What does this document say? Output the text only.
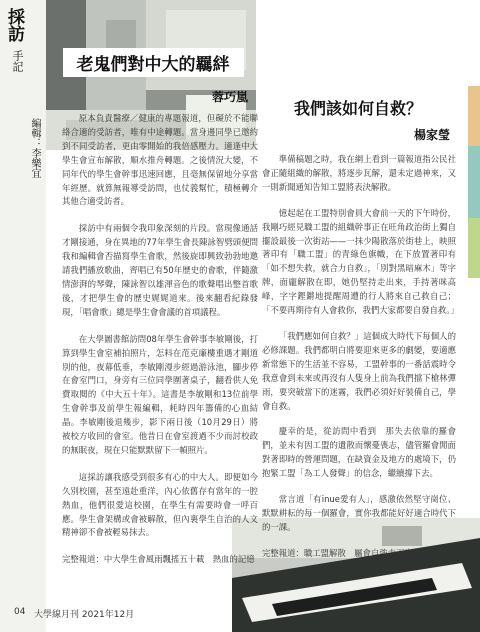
採訪
手記
編輯：李樂宜
老鬼們對中大的羈絆
蓉巧嵐

原本負責醫療／健康的專題報道，但礙於不能聯絡合適的受訪者，唯有中途轉題。當身邊同學已邀約到不同受訪者，更由零開始的我倍感壓力。適逢中大學生會宣布解散，順水推舟轉題。之後情況大變，不同年代的學生會幹事迅速回應，且毫無保留地分享當年經歷。就算無報導受訪問，也仗義幫忙，積極轉介其他合適受訪者。

採訪中有兩個令我印象深刻的片段。當現像通話才剛接通，身在異地的77年學生會長陳詠智劈頭便問我和編輯會否描寫學生會歌，然後旋即興致勃勃地邀請我們播放歌曲，齊唱已有50年歷史的會歌，伴隨激情澎湃的琴聲，陳詠智以雄渾音色的歌聲唱出整首歌後，才把學生會的歷史娓娓道來。後來翻看紀錄發現，「唱會歌」總是學生會會議的首項議程。

在大學圖書館訪問08年學生會幹事李敏剛後，打算到學生會室補拍照片，怎料在范克廉樓重遇才剛道別的他，夜幕低垂，李敏剛漫步經過游泳池，腳步停在會室門口，身旁有三位同學圍著桌子，翻看供人免費取閱的《中大五十年》。這書是李敏剛和13位前學生會幹事及前學生報編輯，耗時四年籌備的心血結晶。李敏剛後退幾步，影下兩日後（10月29日）將被校方收回的會室。他昔日在會室渡過不少而討校政的無眠夜，現在只能默默留下一幀照片。

這採訪讓我感受到很多有心的中大人。即便如今久別校園，甚至遠赴重洋，內心依舊存有當年的一腔熱血，他們很愛這校園，在學生有需要時會一呼百應。學生會架構或會被解散，但內裏學生自治的人文精神卻不會被輕易抹去。

完整報道：中大學生會風雨飄搖五十載　熱血的記憶

我們該如何自救？
楊家瑩

準備稿題之時，我在網上看到一篇報道指公民社會正隨組織的解散，將逐步瓦解，還未定過神來，又一則新聞通知告知工盟將表決解散。

憶起起在工盟特別會員大會前一天的下午時份，我剛巧經見職工盟的組織幹事正在旺角政治街上獨自擺設最後一次街站——一抹少陽散落於街巷上，映照著印有「職工盟」的青綠色旗幟，在下放置著印有「如不想失救，就合力自救」，「別對黑暗麻木」等字牌，面龐解散在即，她仍堅持走出來，手持著咪高峰，字字鏗鏘地提醒周遭的行人將來自己救自己；「不要再期待有人會救你，我們大家都要自發自救。」

「我們應如何自救？」這個成大時代下每個人的必修課題。我們都明白將要迎來更多的劇變，要適應新常態下的生活並不容易，工盟幹事的一番話震時令我意會到未來或再沒有人隻身上前為我們擋下槍林彈雨，要突破當下的迷霧，我們必須好好裝備自己，學會自救。

慶幸的是，從訪問中看到　那失去依靠的羅會們，並未有因工盟的遺散而懷憂喪志，儘管羅會閒面對著即時的營運問題，在缺資金及地方的處境下，仍抱緊工盟「為工人發聲」的信念，繼續撐下去。

常言道「有inue愛有人」，感激依然堅守崗位、默默耕耘的每一個羅會，實你我都能好好適合時代下的一課。

完整報道：職工盟解散　屬會自強走下崗路

04 大學線月刊 2021年12月
